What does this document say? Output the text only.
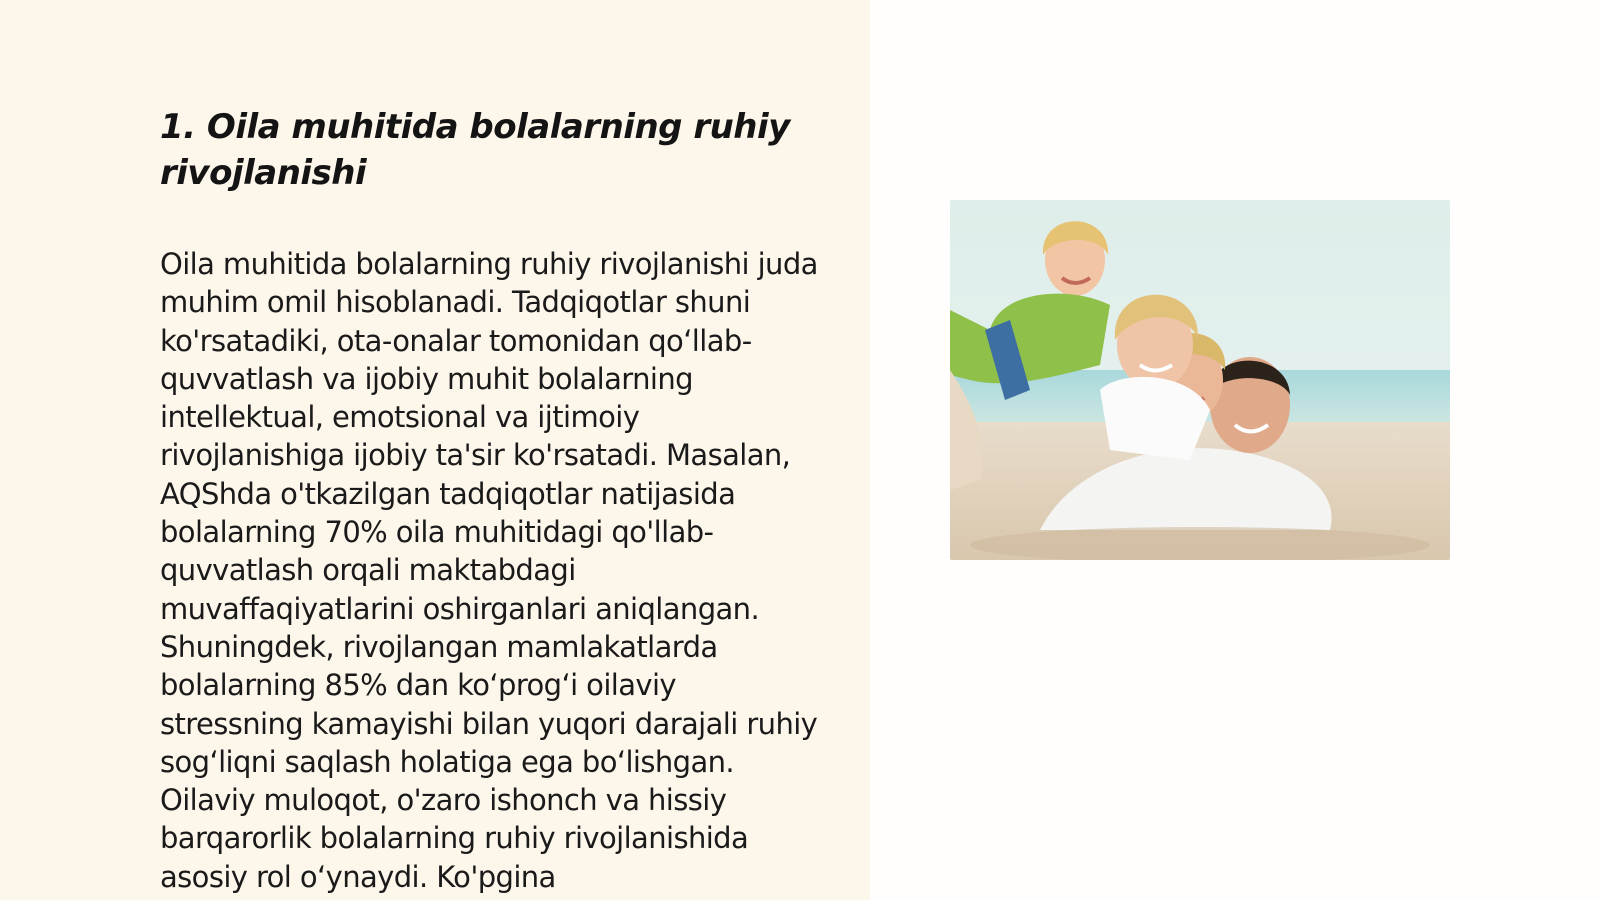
1. Oila muhitida bolalarning ruhiy rivojlanishi

Oila muhitida bolalarning ruhiy rivojlanishi juda muhim omil hisoblanadi. Tadqiqotlar shuni ko'rsatadiki, ota-onalar tomonidan qo‘llab-quvvatlash va ijobiy muhit bolalarning intellektual, emotsional va ijtimoiy rivojlanishiga ijobiy ta'sir ko'rsatadi. Masalan, AQShda o'tkazilgan tadqiqotlar natijasida bolalarning 70% oila muhitidagi qo'llab-quvvatlash orqali maktabdagi muvaffaqiyatlarini oshirganlari aniqlangan. Shuningdek, rivojlangan mamlakatlarda bolalarning 85% dan ko‘prog‘i oilaviy stressning kamayishi bilan yuqori darajali ruhiy sog‘liqni saqlash holatiga ega bo‘lishgan. Oilaviy muloqot, o'zaro ishonch va hissiy barqarorlik bolalarning ruhiy rivojlanishida asosiy rol o‘ynaydi. Ko'pgina
